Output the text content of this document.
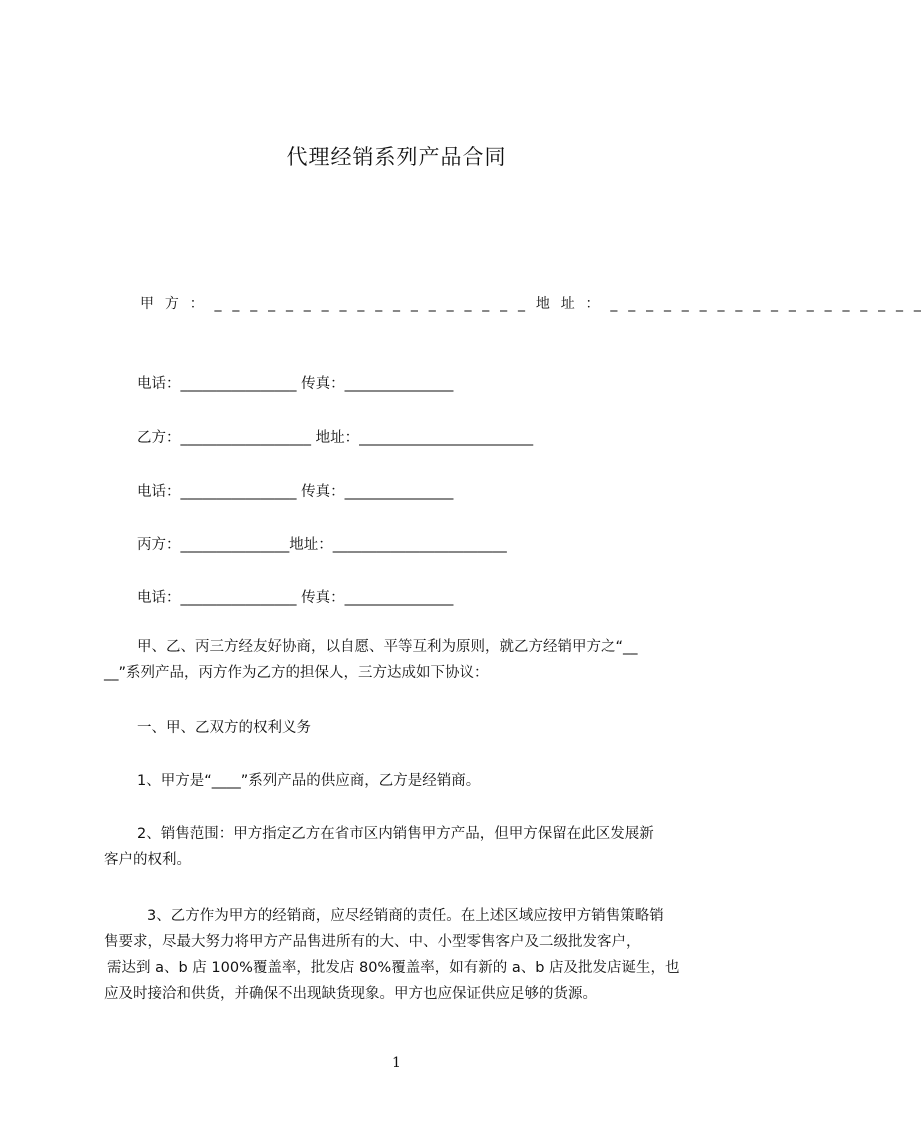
代理经销系列产品合同
甲 方 ： _ _ _ _ _ _ _ _ _ _ _ _ _ _ _ _ _ _ 地 址 ： _ _ _ _ _ _ _ _ _ _ _ _ _ _ _ _ _ _
电话：________________ 传真：_______________
乙方：__________________ 地址：________________________
电话：________________ 传真：_______________
丙方：_______________地址：________________________
电话：________________ 传真：_______________
甲、乙、丙三方经友好协商，以自愿、平等互利为原则，就乙方经销甲方之“__
__”系列产品，丙方作为乙方的担保人，三方达成如下协议：
一、甲、乙双方的权利义务
1、甲方是“____”系列产品的供应商，乙方是经销商。
2、销售范围：甲方指定乙方在省市区内销售甲方产品，但甲方保留在此区发展新
客户的权利。
3、乙方作为甲方的经销商，应尽经销商的责任。在上述区域应按甲方销售策略销
售要求，尽最大努力将甲方产品售进所有的大、中、小型零售客户及二级批发客户，
需达到 a、b 店 100%覆盖率，批发店 80%覆盖率，如有新的 a、b 店及批发店诞生，也
应及时接洽和供货，并确保不出现缺货现象。甲方也应保证供应足够的货源。
1
